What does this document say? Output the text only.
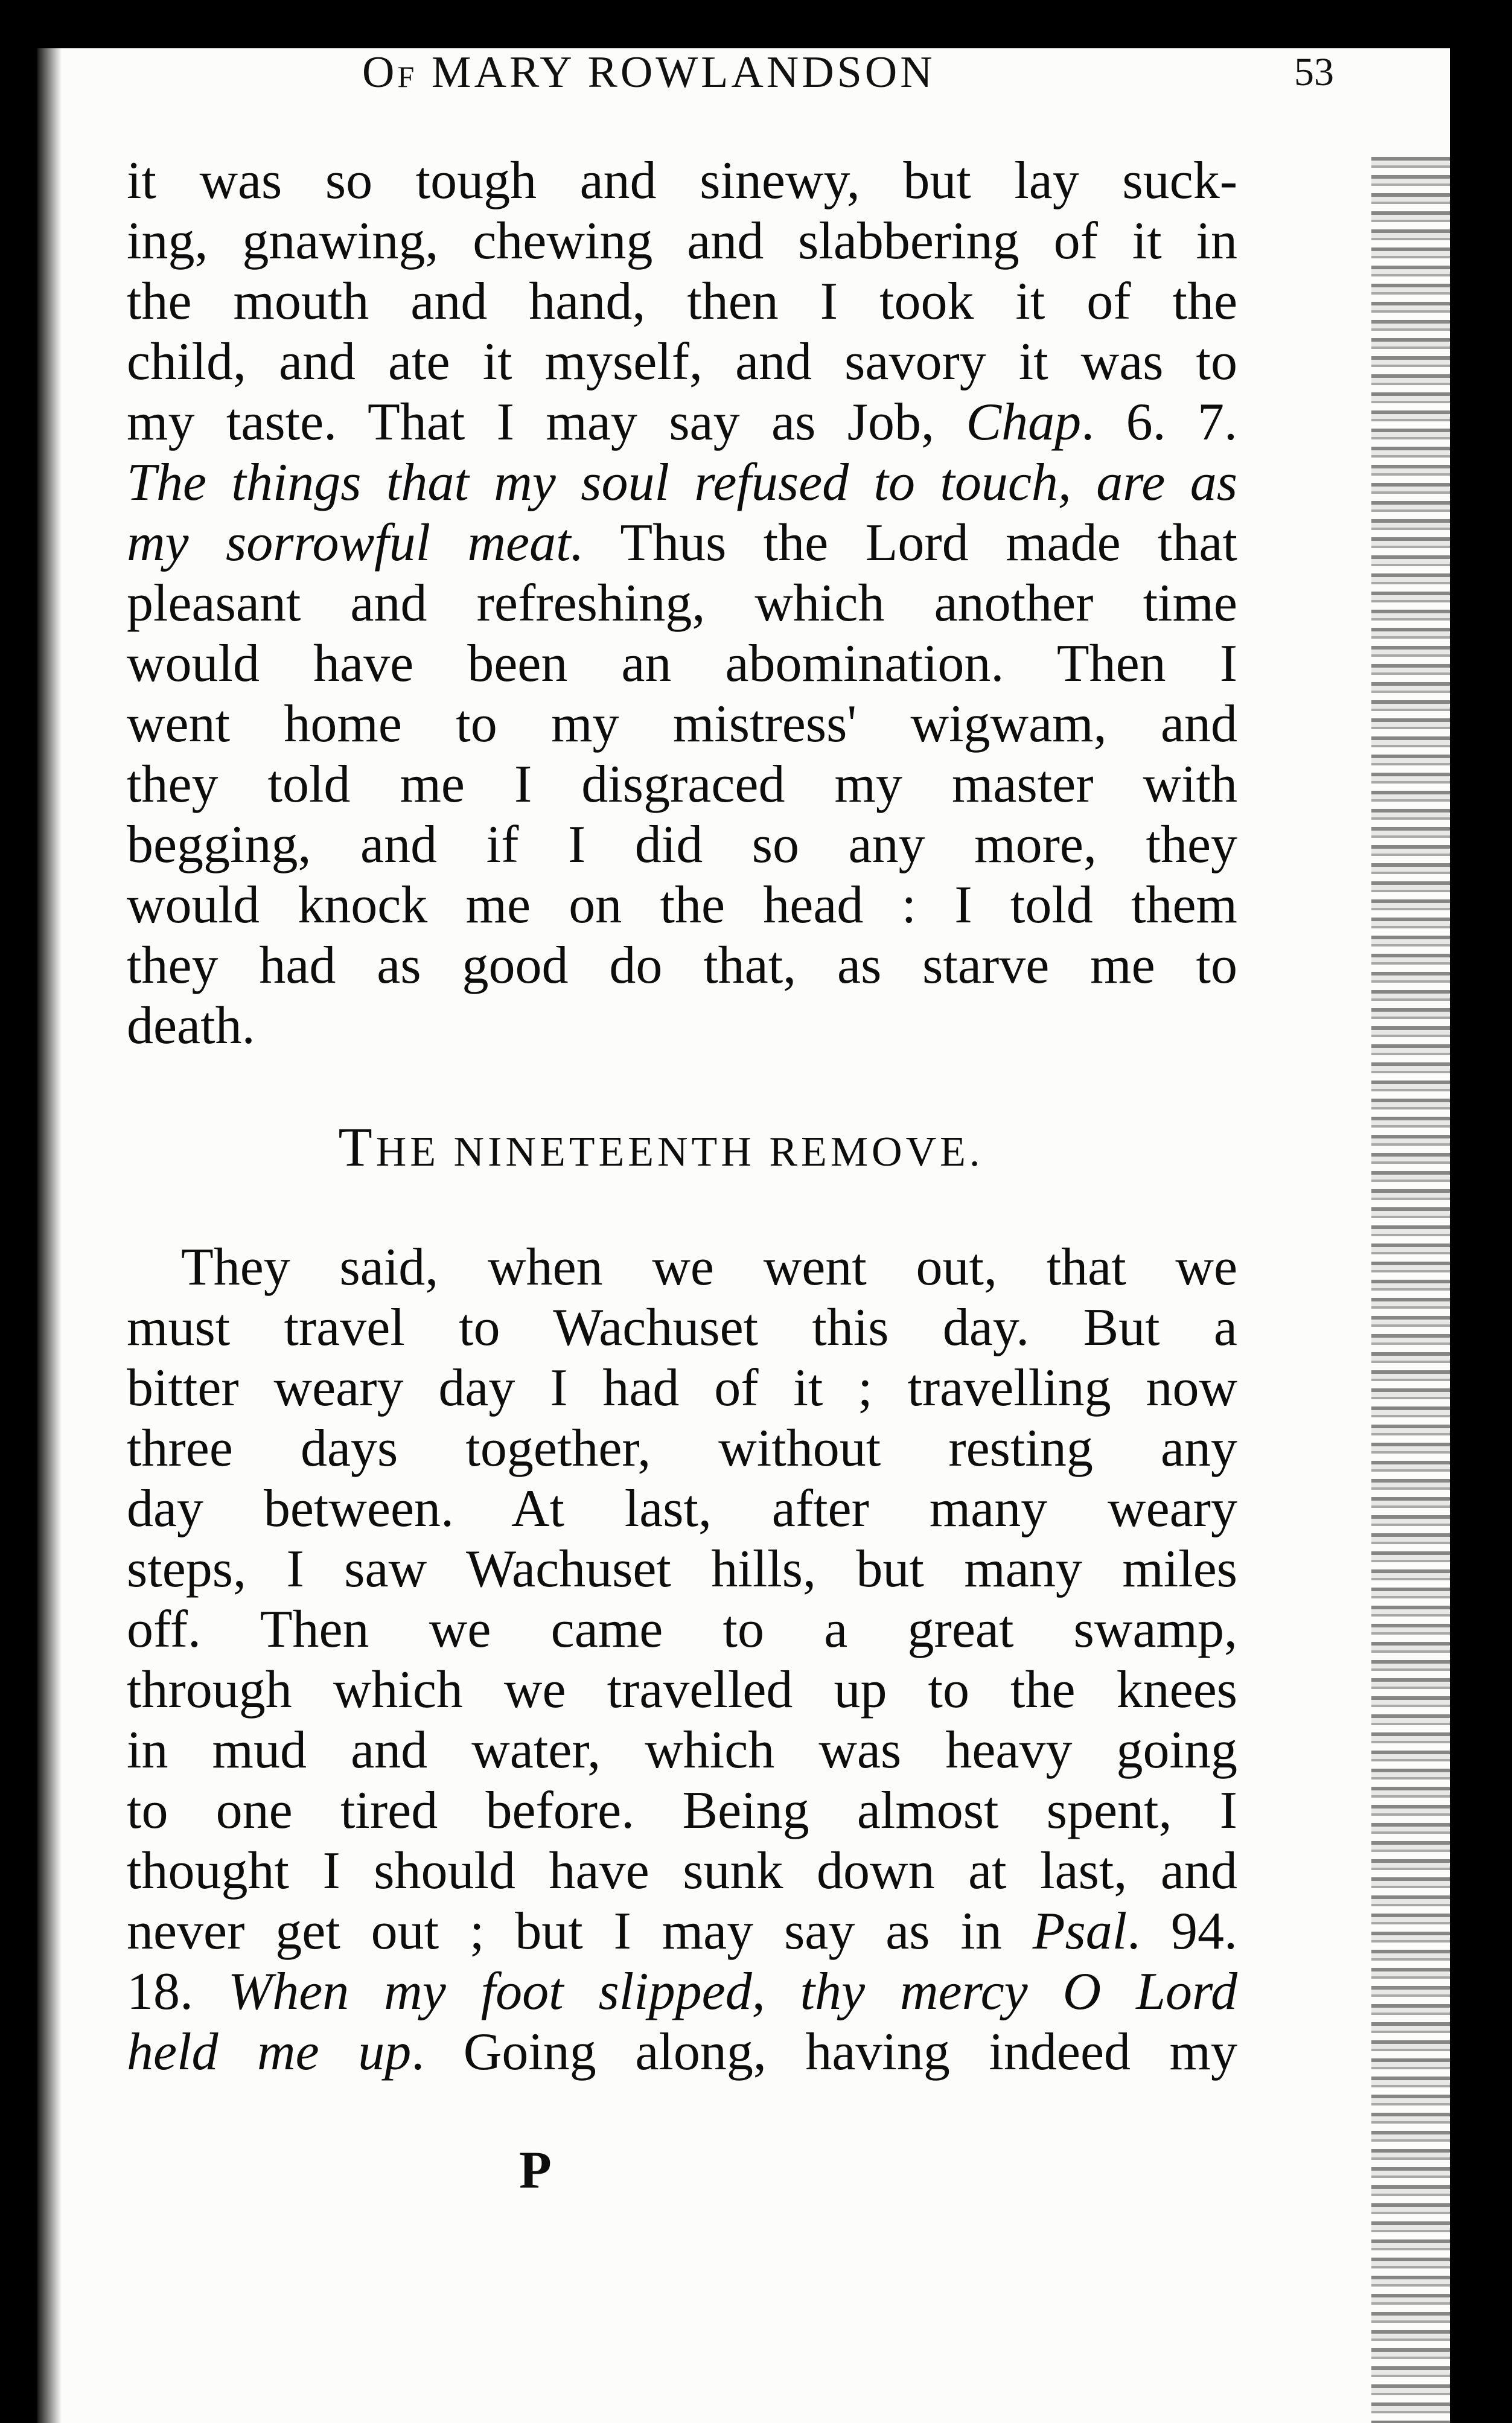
OF MARY ROWLANDSON	53
it was so tough and sinewy, but lay suck-
ing, gnawing, chewing and slabbering of it in
the mouth and hand, then I took it of the
child, and ate it myself, and savory it was to
my taste. That I may say as Job, Chap. 6. 7.
The things that my soul refused to touch, are as
my sorrowful meat. Thus the Lord made that
pleasant and refreshing, which another time
would have been an abomination. Then I
went home to my mistress' wigwam, and
they told me I disgraced my master with
begging, and if I did so any more, they
would knock me on the head : I told them
they had as good do that, as starve me to
death.
THE NINETEENTH REMOVE.
They said, when we went out, that we
must travel to Wachuset this day. But a
bitter weary day I had of it ; travelling now
three days together, without resting any
day between. At last, after many weary
steps, I saw Wachuset hills, but many miles
off. Then we came to a great swamp,
through which we travelled up to the knees
in mud and water, which was heavy going
to one tired before. Being almost spent, I
thought I should have sunk down at last, and
never get out ; but I may say as in Psal. 94.
18. When my foot slipped, thy mercy O Lord
held me up. Going along, having indeed my
P
